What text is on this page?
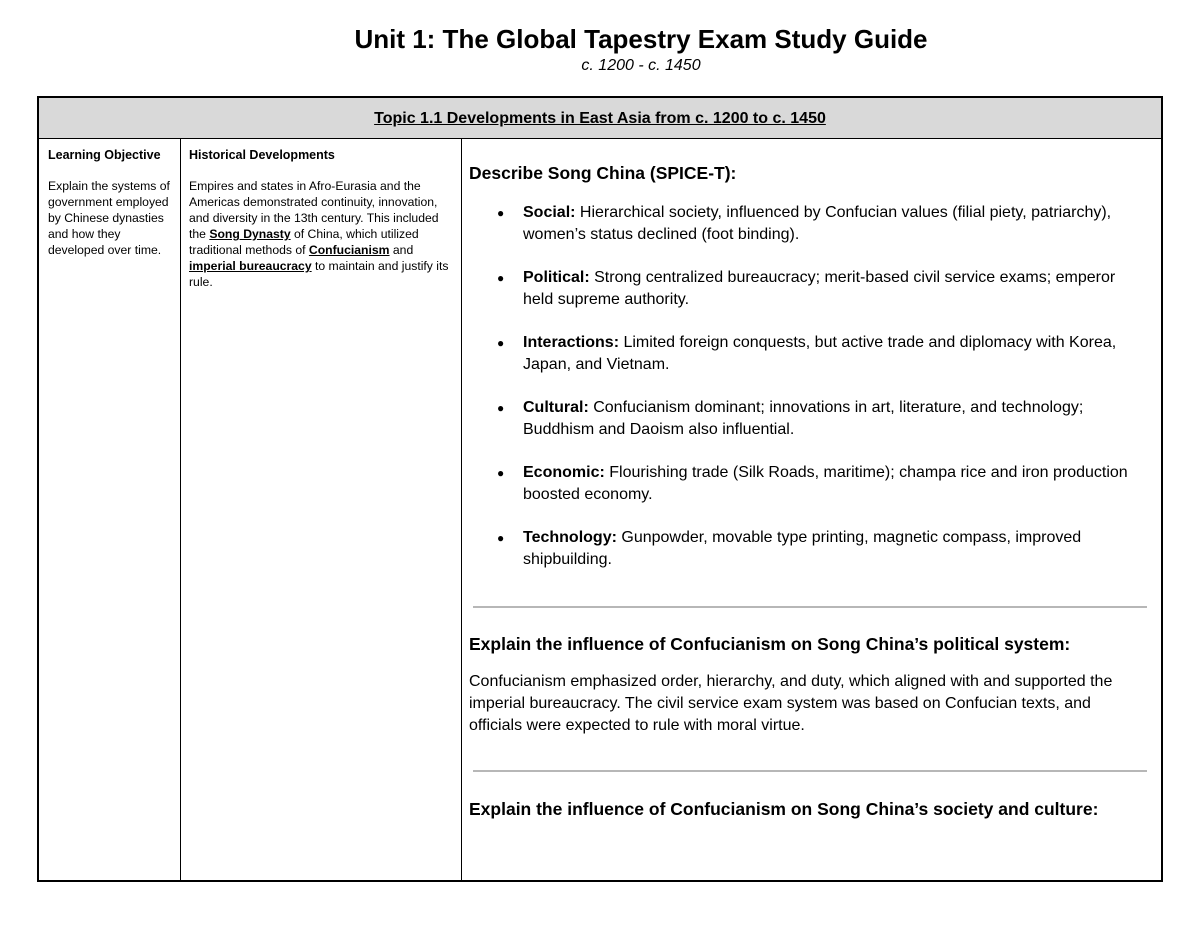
Unit 1: The Global Tapestry Exam Study Guide
c. 1200 - c. 1450
Topic 1.1 Developments in East Asia from c. 1200 to c. 1450
Learning Objective
Explain the systems of government employed by Chinese dynasties and how they developed over time.
Historical Developments
Empires and states in Afro-Eurasia and the Americas demonstrated continuity, innovation, and diversity in the 13th century. This included the Song Dynasty of China, which utilized traditional methods of Confucianism and imperial bureaucracy to maintain and justify its rule.

Describe Song China (SPICE-T):

● Social: Hierarchical society, influenced by Confucian values (filial piety, patriarchy), women’s status declined (foot binding).
● Political: Strong centralized bureaucracy; merit-based civil service exams; emperor held supreme authority.
● Interactions: Limited foreign conquests, but active trade and diplomacy with Korea, Japan, and Vietnam.
● Cultural: Confucianism dominant; innovations in art, literature, and technology; Buddhism and Daoism also influential.
● Economic: Flourishing trade (Silk Roads, maritime); champa rice and iron production boosted economy.
● Technology: Gunpowder, movable type printing, magnetic compass, improved shipbuilding.

Explain the influence of Confucianism on Song China’s political system:

Confucianism emphasized order, hierarchy, and duty, which aligned with and supported the imperial bureaucracy. The civil service exam system was based on Confucian texts, and officials were expected to rule with moral virtue.

Explain the influence of Confucianism on Song China’s society and culture:
